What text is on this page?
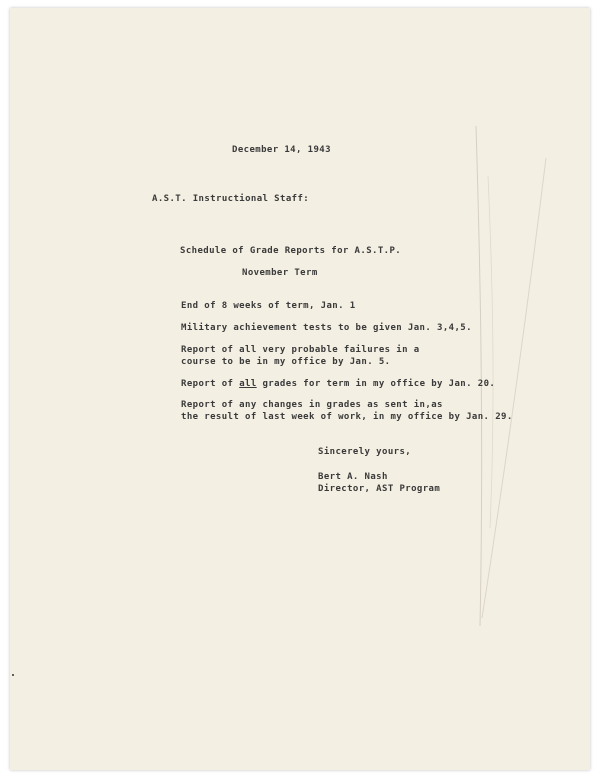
December 14, 1943
A.S.T. Instructional Staff:
Schedule of Grade Reports for A.S.T.P.
November Term
End of 8 weeks of term, Jan. 1
Military achievement tests to be given Jan. 3,4,5.
Report of all very probable failures in a
course to be in my office by Jan. 5.
Report of all grades for term in my office by Jan. 20.
Report of any changes in grades as sent in,as
the result of last week of work, in my office by Jan. 29.
Sincerely yours,
Bert A. Nash
Director, AST Program
